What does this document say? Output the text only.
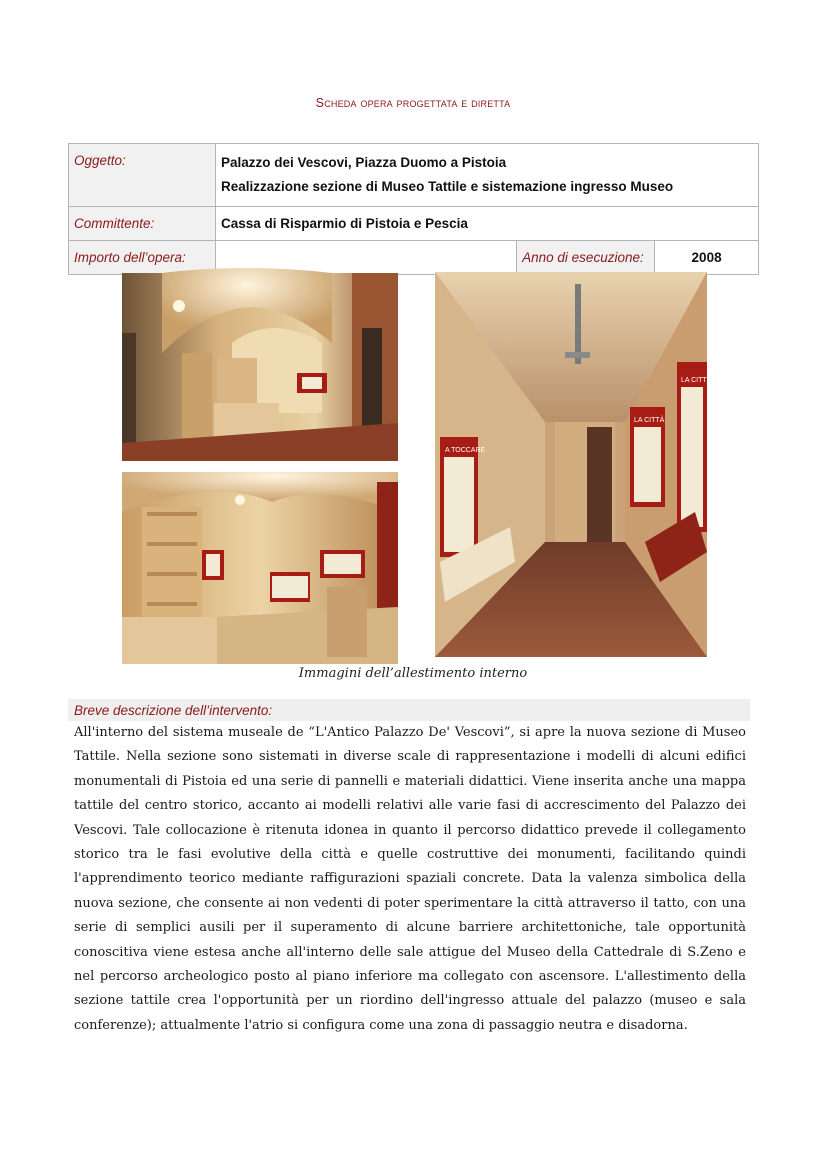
Scheda opera progettata e diretta
Oggetto:	Palazzo dei Vescovi, Piazza Duomo a Pistoia
Realizzazione sezione di Museo Tattile e sistemazione ingresso Museo		

Committente:	Cassa di Risparmio di Pistoia e Pescia		
Importo dell’opera:		Anno di esecuzione:	2008
A TOCCARE
LA CITTÀ
LA CITTÀ
Immagini dell’allestimento interno
Breve descrizione dell’intervento:
All'interno del sistema museale de “L'Antico Palazzo De' Vescovi”, si apre la nuova sezione di Museo Tattile. Nella sezione sono sistemati in diverse scale di rappresentazione i modelli di alcuni edifici monumentali di Pistoia ed una serie di pannelli e materiali didattici. Viene inserita anche una mappa tattile del centro storico, accanto ai modelli relativi alle varie fasi di accrescimento del Palazzo dei Vescovi. Tale collocazione è ritenuta idonea in quanto il percorso didattico prevede il collegamento storico tra le fasi evolutive della città e quelle costruttive dei monumenti, facilitando quindi l'apprendimento teorico mediante raffigurazioni spaziali concrete. Data la valenza simbolica della nuova sezione, che consente ai non vedenti di poter sperimentare la città attraverso il tatto, con una serie di semplici ausili per il superamento di alcune barriere architettoniche, tale opportunità conoscitiva viene estesa anche all'interno delle sale attigue del Museo della Cattedrale di S.Zeno e nel percorso archeologico posto al piano inferiore ma collegato con ascensore. L'allestimento della sezione tattile crea l'opportunità per un riordino dell'ingresso attuale del palazzo (museo e sala conferenze); attualmente l'atrio si configura come una zona di passaggio neutra e disadorna.
